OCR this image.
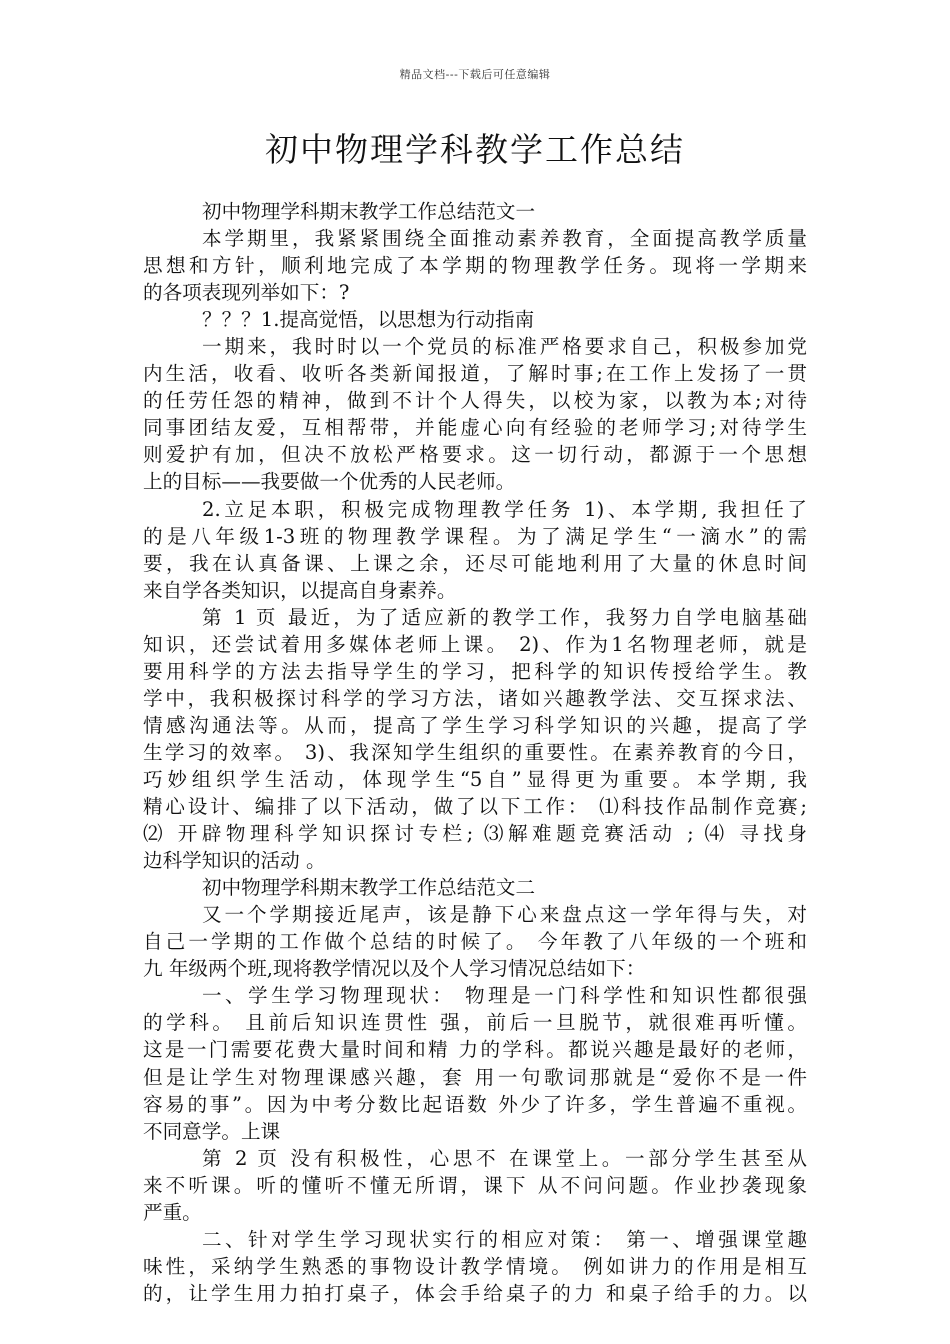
精品文档---下载后可任意编辑
初中物理学科教学工作总结
初中物理学科期末教学工作总结范文一
本学期里，我紧紧围绕全面推动素养教育，全面提高教学质量
思想和方针，顺利地完成了本学期的物理教学任务。现将一学期来
的各项表现列举如下：?
？？？1.提高觉悟，以思想为行动指南
一期来，我时时以一个党员的标准严格要求自己，积极参加党
内生活，收看、收听各类新闻报道，了解时事;在工作上发扬了一贯
的任劳任怨的精神，做到不计个人得失，以校为家，以教为本;对待
同事团结友爱，互相帮带，并能虚心向有经验的老师学习;对待学生
则爱护有加，但决不放松严格要求。这一切行动，都源于一个思想
上的目标——我要做一个优秀的人民老师。
2.立足本职，积极完成物理教学任务 1)、本学期, 我担任了
的是八年级1-3班的物理教学课程。为了满足学生“一滴水”的需
要，我在认真备课、上课之余，还尽可能地利用了大量的休息时间
来自学各类知识，以提高自身素养。
第 1 页 最近，为了适应新的教学工作，我努力自学电脑基础
知识，还尝试着用多媒体老师上课。 2)、作为1名物理老师，就是
要用科学的方法去指导学生的学习，把科学的知识传授给学生。教
学中，我积极探讨科学的学习方法，诸如兴趣教学法、交互探求法、
情感沟通法等。从而，提高了学生学习科学知识的兴趣，提高了学
生学习的效率。 3)、我深知学生组织的重要性。在素养教育的今日，
巧妙组织学生活动，体现学生“5自”显得更为重要。本学期, 我
精心设计、编排了以下活动，做了以下工作： ⑴科技作品制作竞赛;
⑵ 开辟物理科学知识探讨专栏; ⑶解难题竞赛活动 ; ⑷ 寻找身
边科学知识的活动 。
初中物理学科期末教学工作总结范文二
又一个学期接近尾声，该是静下心来盘点这一学年得与失，对
自己一学期的工作做个总结的时候了。 今年教了八年级的一个班和
九 年级两个班,现将教学情况以及个人学习情况总结如下：
一、学生学习物理现状： 物理是一门科学性和知识性都很强
的学科。 且前后知识连贯性 强，前后一旦脱节，就很难再听懂。
这是一门需要花费大量时间和精 力的学科。都说兴趣是最好的老师，
但是让学生对物理课感兴趣，套 用一句歌词那就是“爱你不是一件
容易的事”。因为中考分数比起语数 外少了许多，学生普遍不重视。
不同意学。上课
第 2 页 没有积极性，心思不 在课堂上。一部分学生甚至从
来不听课。听的懂听不懂无所谓，课下 从不问问题。作业抄袭现象
严重。
二、针对学生学习现状实行的相应对策： 第一、增强课堂趣
味性，采纳学生熟悉的事物设计教学情境。 例如讲力的作用是相互
的，让学生用力拍打桌子，体会手给桌子的力 和桌子给手的力。以
